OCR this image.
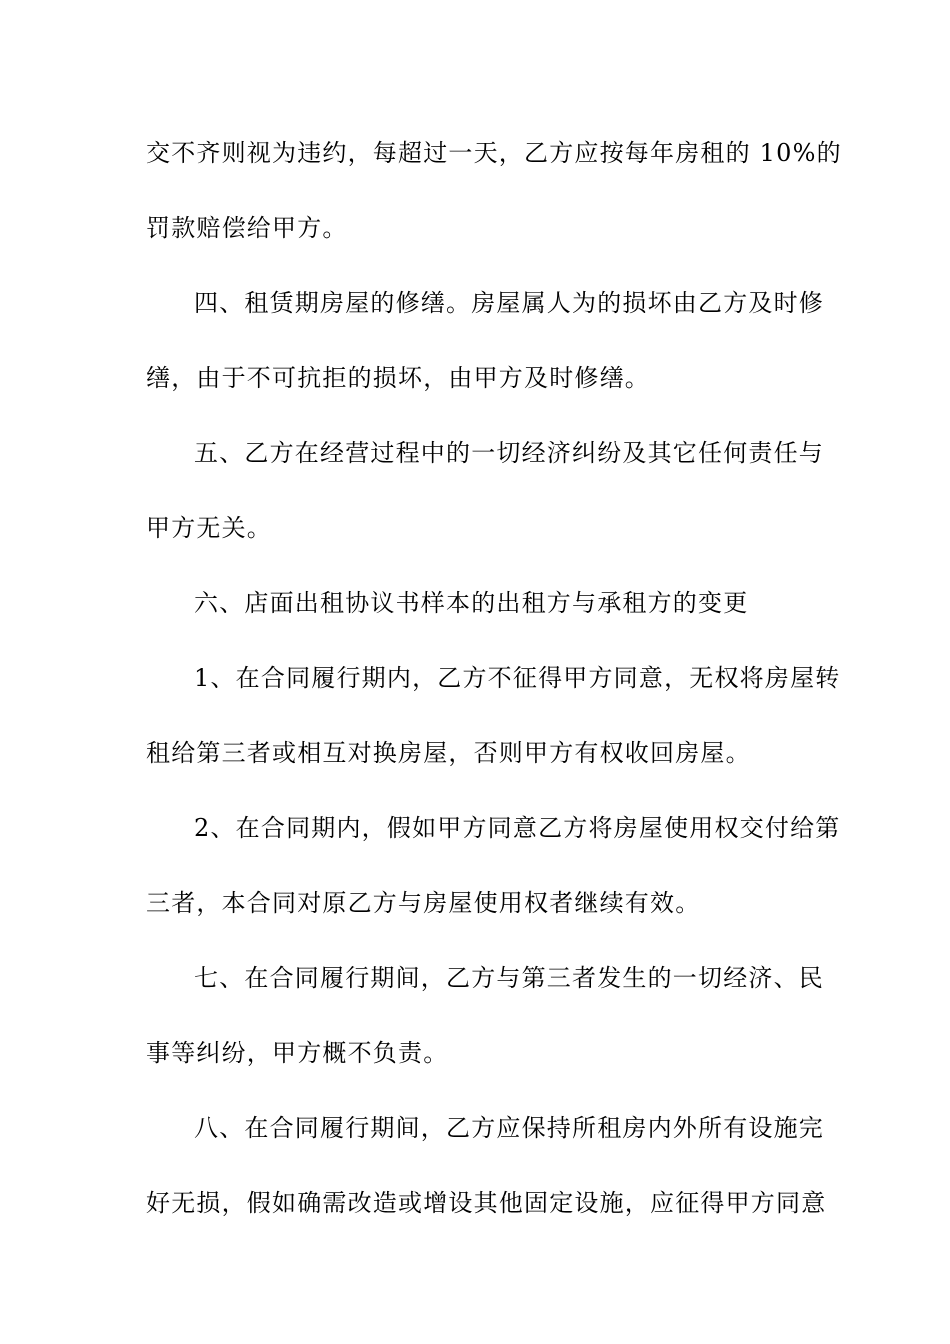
交不齐则视为违约，每超过一天，乙方应按每年房租的 10%的
罚款赔偿给甲方。
四、租赁期房屋的修缮。房屋属人为的损坏由乙方及时修
缮，由于不可抗拒的损坏，由甲方及时修缮。
五、乙方在经营过程中的一切经济纠纷及其它任何责任与
甲方无关。
六、店面出租协议书样本的出租方与承租方的变更
1、在合同履行期内，乙方不征得甲方同意，无权将房屋转
租给第三者或相互对换房屋，否则甲方有权收回房屋。
2、在合同期内，假如甲方同意乙方将房屋使用权交付给第
三者，本合同对原乙方与房屋使用权者继续有效。
七、在合同履行期间，乙方与第三者发生的一切经济、民
事等纠纷，甲方概不负责。
八、在合同履行期间，乙方应保持所租房内外所有设施完
好无损，假如确需改造或增设其他固定设施，应征得甲方同意
